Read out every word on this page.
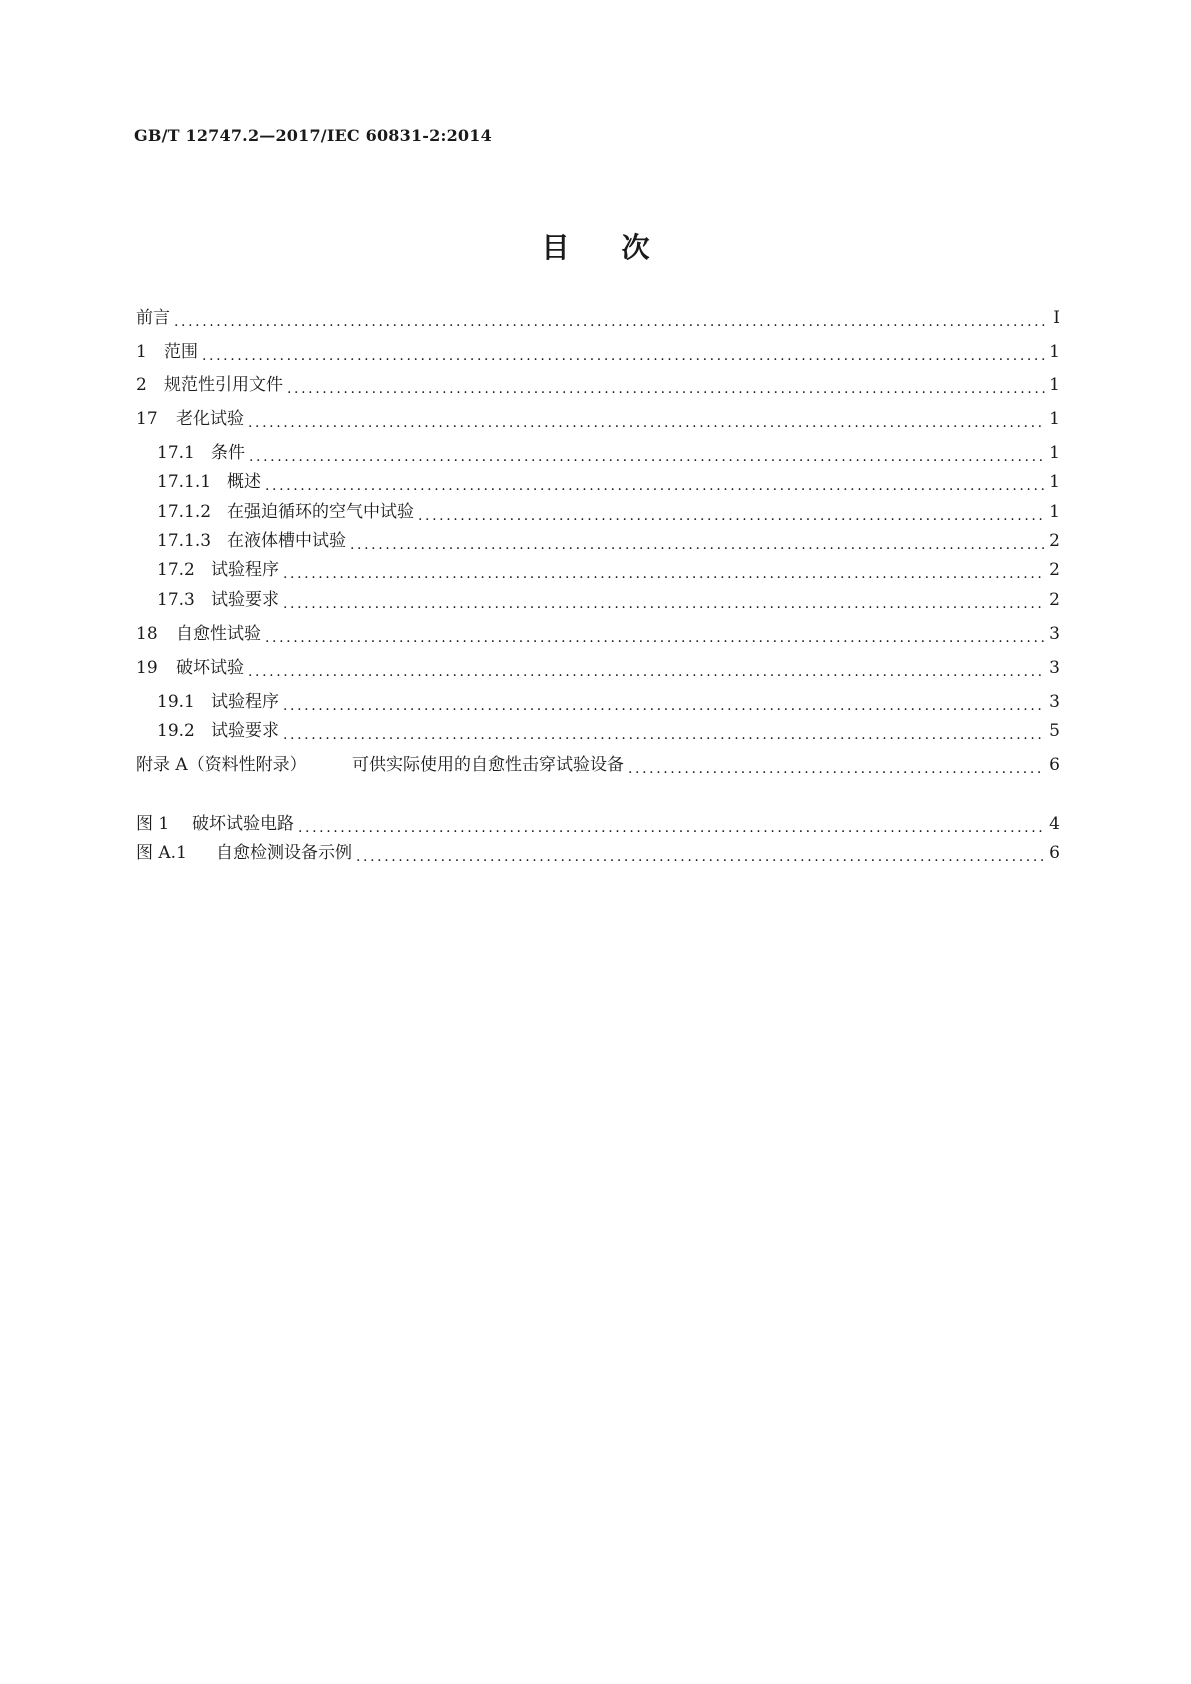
GB/T 12747.2—2017/IEC 60831-2:2014
目次
前言 .....	Ⅰ
1	范围 .....	1
2	规范性引用文件 .....	1
17	老化试验 .....	1
17.1 条件 .....	1
17.1.1 概述 .....	1
17.1.2 在强迫循环的空气中试验 .....	1
17.1.3 在液体槽中试验 .....	2
17.2 试验程序 .....	2
17.3 试验要求 .....	2
18	自愈性试验 .....	3
19	破坏试验 .....	3
19.1 试验程序 .....	3
19.2 试验要求 .....	5
附录 A（资料性附录）	可供实际使用的自愈性击穿试验设备 .....	6
图 1	破坏试验电路 .....	4
图 A.1	自愈检测设备示例 .....	6
